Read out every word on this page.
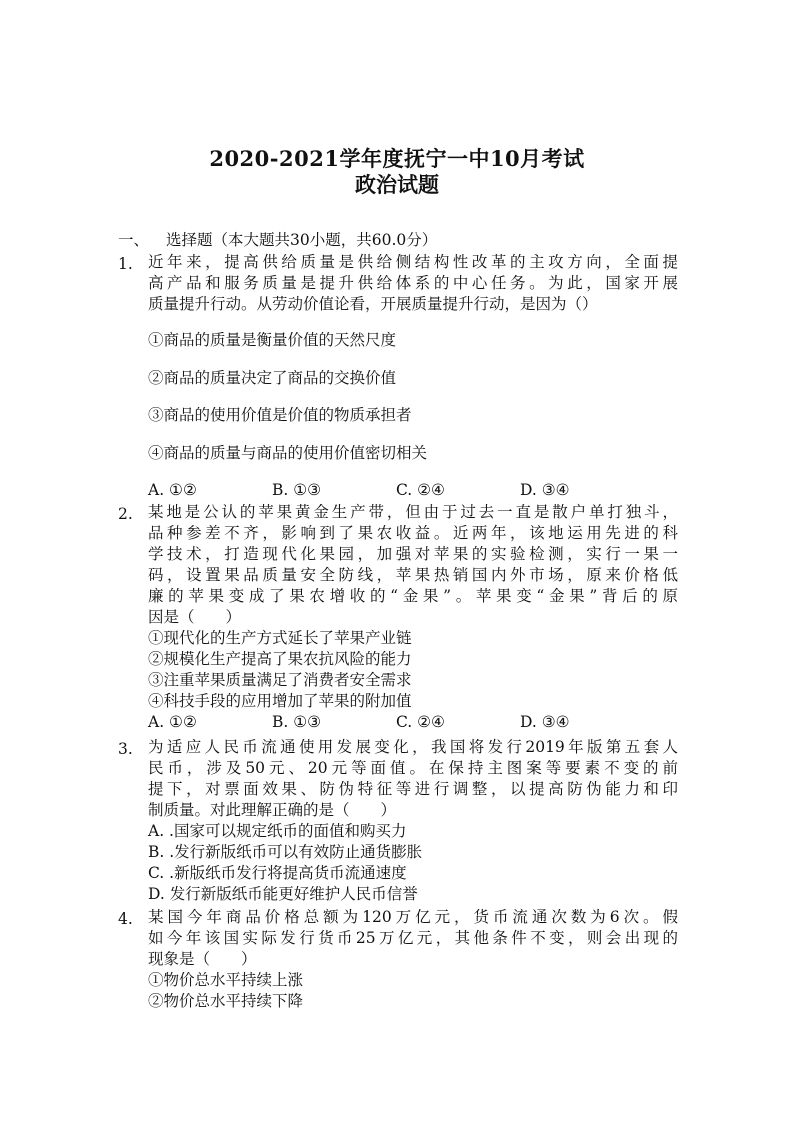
2020-2021学年度抚宁一中10月考试
政治试题
一、 选择题（本大题共30小题，共60.0分）
1. 近年来，提高供给质量是供给侧结构性改革的主攻方向，全面提
高产品和服务质量是提升供给体系的中心任务。为此，国家开展
质量提升行动。从劳动价值论看，开展质量提升行动，是因为（）
①商品的质量是衡量价值的天然尺度
②商品的质量决定了商品的交换价值
③商品的使用价值是价值的物质承担者
④商品的质量与商品的使用价值密切相关
A. ①②	B. ①③	C. ②④	D. ③④
2. 某地是公认的苹果黄金生产带，但由于过去一直是散户单打独斗，
品种参差不齐，影响到了果农收益。近两年，该地运用先进的科
学技术，打造现代化果园，加强对苹果的实验检测，实行一果一
码，设置果品质量安全防线，苹果热销国内外市场，原来价格低
廉的苹果变成了果农增收的“金果”。苹果变“金果”背后的原
因是（　　）
①现代化的生产方式延长了苹果产业链
②规模化生产提高了果农抗风险的能力
③注重苹果质量满足了消费者安全需求
④科技手段的应用增加了苹果的附加值
A. ①②	B. ①③	C. ②④	D. ③④
3. 为适应人民币流通使用发展变化，我国将发行2019年版第五套人
民币，涉及50元、20元等面值。在保持主图案等要素不变的前
提下，对票面效果、防伪特征等进行调整，以提高防伪能力和印
制质量。对此理解正确的是（　　）
A. .国家可以规定纸币的面值和购买力
B. .发行新版纸币可以有效防止通货膨胀
C. .新版纸币发行将提高货币流通速度
D. 发行新版纸币能更好维护人民币信誉
4. 某国今年商品价格总额为120万亿元，货币流通次数为6次。假
如今年该国实际发行货币25万亿元，其他条件不变，则会出现的
现象是（　　）
①物价总水平持续上涨
②物价总水平持续下降
